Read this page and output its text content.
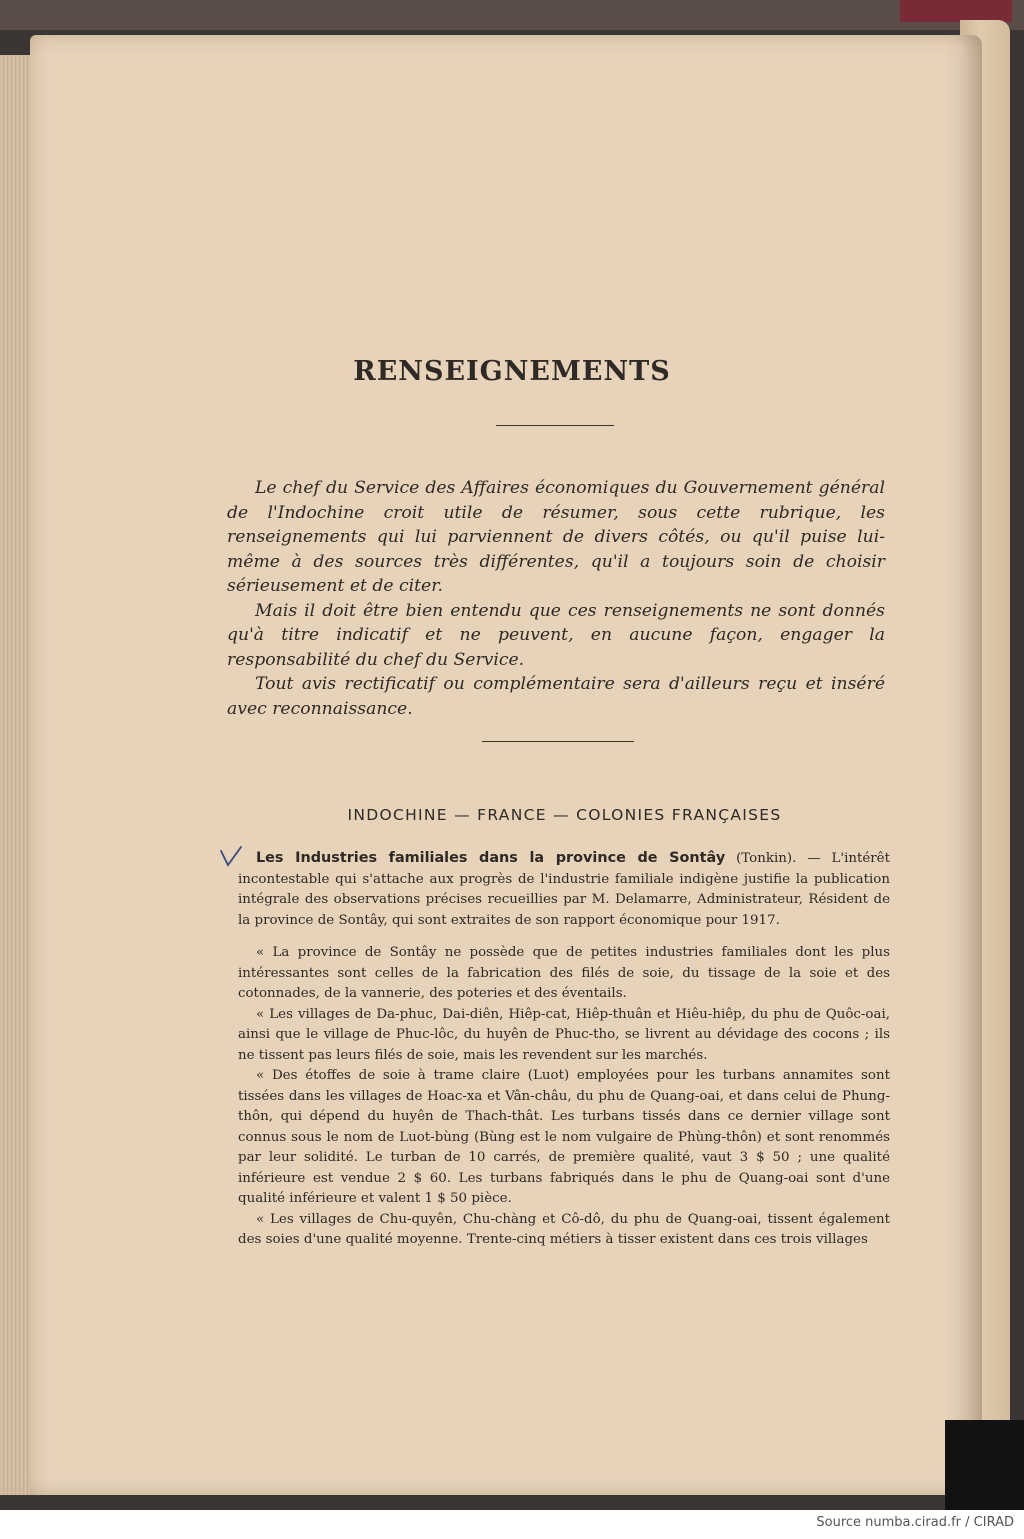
RENSEIGNEMENTS

Le chef du Service des Affaires économiques du Gouvernement général de l'Indochine croit utile de résumer, sous cette rubrique, les renseignements qui lui parviennent de divers côtés, ou qu'il puise lui-même à des sources très différentes, qu'il a toujours soin de choisir sérieusement et de citer.

Mais il doit être bien entendu que ces renseignements ne sont donnés qu'à titre indicatif et ne peuvent, en aucune façon, engager la responsabilité du chef du Service.

Tout avis rectificatif ou complémentaire sera d'ailleurs reçu et inséré avec reconnaissance.

INDOCHINE — FRANCE — COLONIES FRANÇAISES

Les Industries familiales dans la province de Sontây (Tonkin). — L'intérêt incontestable qui s'attache aux progrès de l'industrie familiale indigène justifie la publication intégrale des observations précises recueillies par M. Delamarre, Administrateur, Résident de la province de Sontây, qui sont extraites de son rapport économique pour 1917.

« La province de Sontây ne possède que de petites industries familiales dont les plus intéressantes sont celles de la fabrication des filés de soie, du tissage de la soie et des cotonnades, de la vannerie, des poteries et des éventails.

« Les villages de Da-phuc, Dai-diên, Hiêp-cat, Hiêp-thuân et Hiêu-hiêp, du phu de Quôc-oai, ainsi que le village de Phuc-lôc, du huyên de Phuc-tho, se livrent au dévidage des cocons ; ils ne tissent pas leurs filés de soie, mais les revendent sur les marchés.

« Des étoffes de soie à trame claire (Luot) employées pour les turbans annamites sont tissées dans les villages de Hoac-xa et Vân-châu, du phu de Quang-oai, et dans celui de Phung-thôn, qui dépend du huyên de Thach-thât. Les turbans tissés dans ce dernier village sont connus sous le nom de Luot-bùng (Bùng est le nom vulgaire de Phùng-thôn) et sont renommés par leur solidité. Le turban de 10 carrés, de première qualité, vaut 3 $ 50 ; une qualité inférieure est vendue 2 $ 60. Les turbans fabriqués dans le phu de Quang-oai sont d'une qualité inférieure et valent 1 $ 50 pièce.

« Les villages de Chu-quyên, Chu-chàng et Cô-dô, du phu de Quang-oai, tissent également des soies d'une qualité moyenne. Trente-cinq métiers à tisser existent dans ces trois villages

Source numba.cirad.fr / CIRAD
